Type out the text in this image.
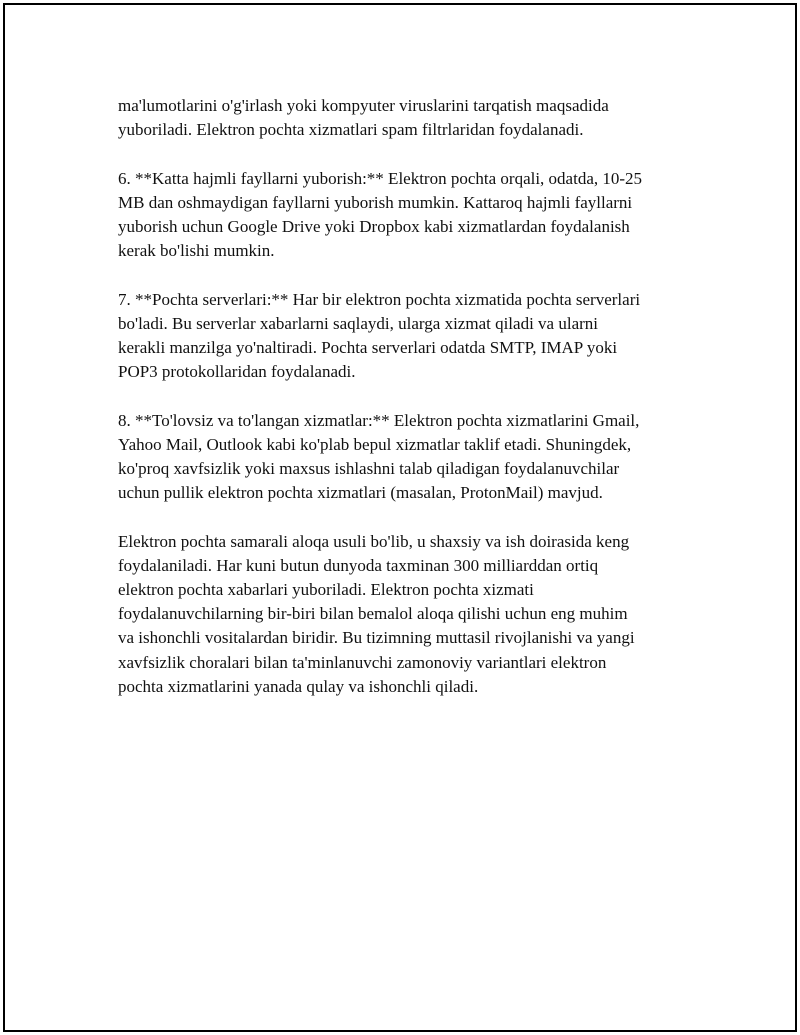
ma'lumotlarini o'g'irlash yoki kompyuter viruslarini tarqatish maqsadida
yuboriladi. Elektron pochta xizmatlari spam filtrlaridan foydalanadi.

6. **Katta hajmli fayllarni yuborish:** Elektron pochta orqali, odatda, 10-25
MB dan oshmaydigan fayllarni yuborish mumkin. Kattaroq hajmli fayllarni
yuborish uchun Google Drive yoki Dropbox kabi xizmatlardan foydalanish
kerak bo'lishi mumkin.

7. **Pochta serverlari:** Har bir elektron pochta xizmatida pochta serverlari
bo'ladi. Bu serverlar xabarlarni saqlaydi, ularga xizmat qiladi va ularni
kerakli manzilga yo'naltiradi. Pochta serverlari odatda SMTP, IMAP yoki
POP3 protokollaridan foydalanadi.

8. **To'lovsiz va to'langan xizmatlar:** Elektron pochta xizmatlarini Gmail,
Yahoo Mail, Outlook kabi ko'plab bepul xizmatlar taklif etadi. Shuningdek,
ko'proq xavfsizlik yoki maxsus ishlashni talab qiladigan foydalanuvchilar
uchun pullik elektron pochta xizmatlari (masalan, ProtonMail) mavjud.

Elektron pochta samarali aloqa usuli bo'lib, u shaxsiy va ish doirasida keng
foydalaniladi. Har kuni butun dunyoda taxminan 300 milliarddan ortiq
elektron pochta xabarlari yuboriladi. Elektron pochta xizmati
foydalanuvchilarning bir-biri bilan bemalol aloqa qilishi uchun eng muhim
va ishonchli vositalardan biridir. Bu tizimning muttasil rivojlanishi va yangi
xavfsizlik choralari bilan ta'minlanuvchi zamonoviy variantlari elektron
pochta xizmatlarini yanada qulay va ishonchli qiladi.
